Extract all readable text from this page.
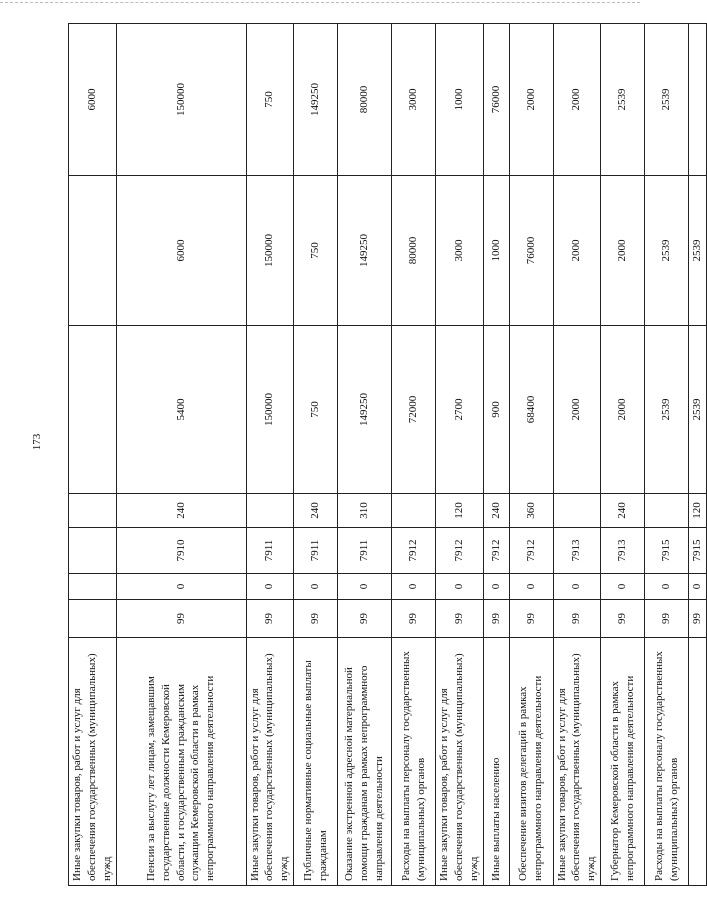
173
Иные закупки товаров, работ и услуг для обеспечения государственных (муниципальных) нужд							6000
Пенсии за выслугу лет лицам, замещавшим государственные должности Кемеровской области, и государственным гражданским служащим Кемеровской области в рамках непрограммного направления деятельности	99	0	7910	240	5400	6000	150000
Иные закупки товаров, работ и услуг для обеспечения государственных (муниципальных) нужд	99	0	7911		150000	150000	750
Публичные нормативные социальные выплаты гражданам	99	0	7911	240	750	750	149250
Оказание экстренной адресной материальной помощи гражданам в рамках непрограммного направления деятельности	99	0	7911	310	149250	149250	80000
Расходы на выплаты персоналу государственных (муниципальных) органов	99	0	7912		72000	80000	3000
Иные закупки товаров, работ и услуг для обеспечения государственных (муниципальных) нужд	99	0	7912	120	2700	3000	1000
Иные выплаты населению	99	0	7912	240	900	1000	76000
Обеспечение визитов делегаций в рамках непрограммного направления деятельности	99	0	7912	360	68400	76000	2000
Иные закупки товаров, работ и услуг для обеспечения государственных (муниципальных) нужд	99	0	7913		2000	2000	2000
Губернатор Кемеровской области в рамках непрограммного направления деятельности	99	0	7913	240	2000	2000	2539
Расходы на выплаты персоналу государственных (муниципальных) органов	99	0	7915		2539	2539	2539
	99	0	7915	120	2539	2539	
